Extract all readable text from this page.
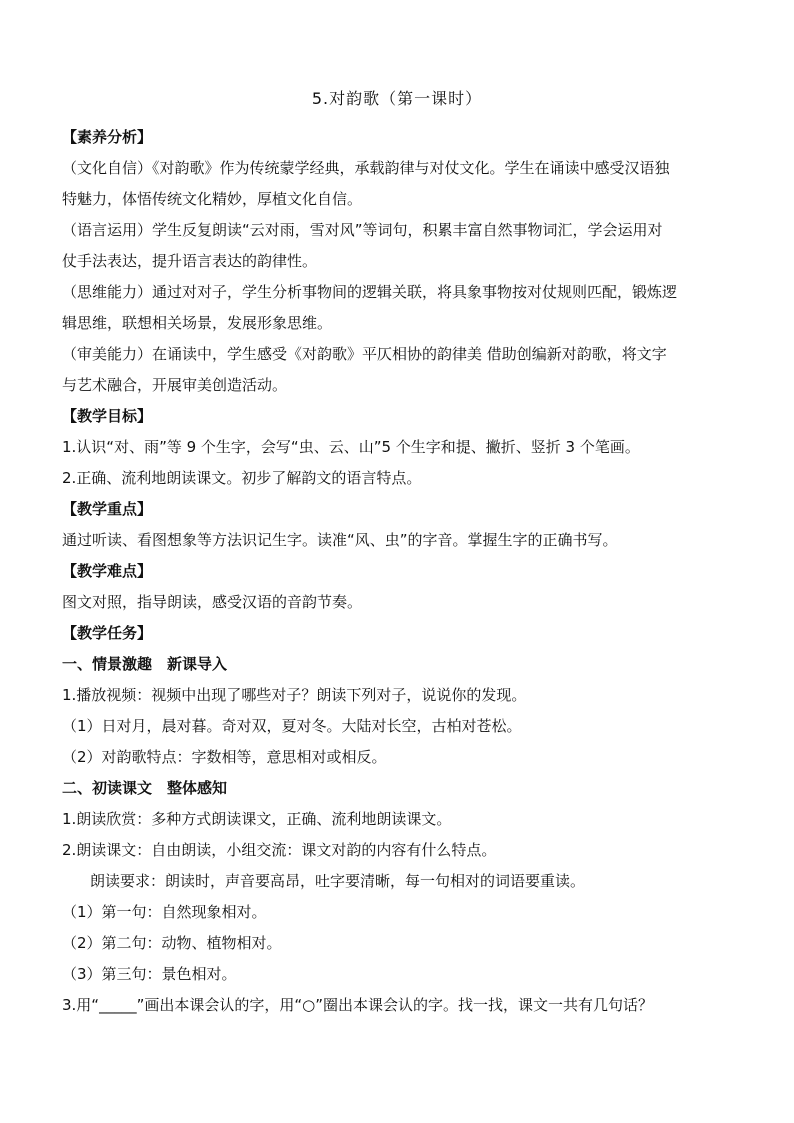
5.对韵歌（第一课时）
【素养分析】
（文化自信）《对韵歌》作为传统蒙学经典，承载韵律与对仗文化。学生在诵读中感受汉语独
特魅力，体悟传统文化精妙，厚植文化自信。
（语言运用）学生反复朗读“云对雨，雪对风”等词句，积累丰富自然事物词汇，学会运用对
仗手法表达，提升语言表达的韵律性。
（思维能力）通过对对子，学生分析事物间的逻辑关联，将具象事物按对仗规则匹配，锻炼逻
辑思维，联想相关场景，发展形象思维。
（审美能力）在诵读中，学生感受《对韵歌》平仄相协的韵律美 借助创编新对韵歌，将文字
与艺术融合，开展审美创造活动。
【教学目标】
1.认识“对、雨”等 9 个生字，会写“虫、云、山”5 个生字和提、撇折、竖折 3 个笔画。
2.正确、流利地朗读课文。初步了解韵文的语言特点。
【教学重点】
通过听读、看图想象等方法识记生字。读准“风、虫”的字音。掌握生字的正确书写。
【教学难点】
图文对照，指导朗读，感受汉语的音韵节奏。
【教学任务】
一、情景激趣　新课导入
1.播放视频：视频中出现了哪些对子？朗读下列对子，说说你的发现。
（1）日对月，晨对暮。奇对双，夏对冬。大陆对长空，古柏对苍松。
（2）对韵歌特点：字数相等，意思相对或相反。
二、初读课文　整体感知
1.朗读欣赏：多种方式朗读课文，正确、流利地朗读课文。
2.朗读课文：自由朗读，小组交流：课文对韵的内容有什么特点。
朗读要求：朗读时，声音要高昂，吐字要清晰，每一句相对的词语要重读。
（1）第一句：自然现象相对。
（2）第二句：动物、植物相对。
（3）第三句：景色相对。
3.用“_____”画出本课会认的字，用“○”圈出本课会认的字。找一找，课文一共有几句话？
